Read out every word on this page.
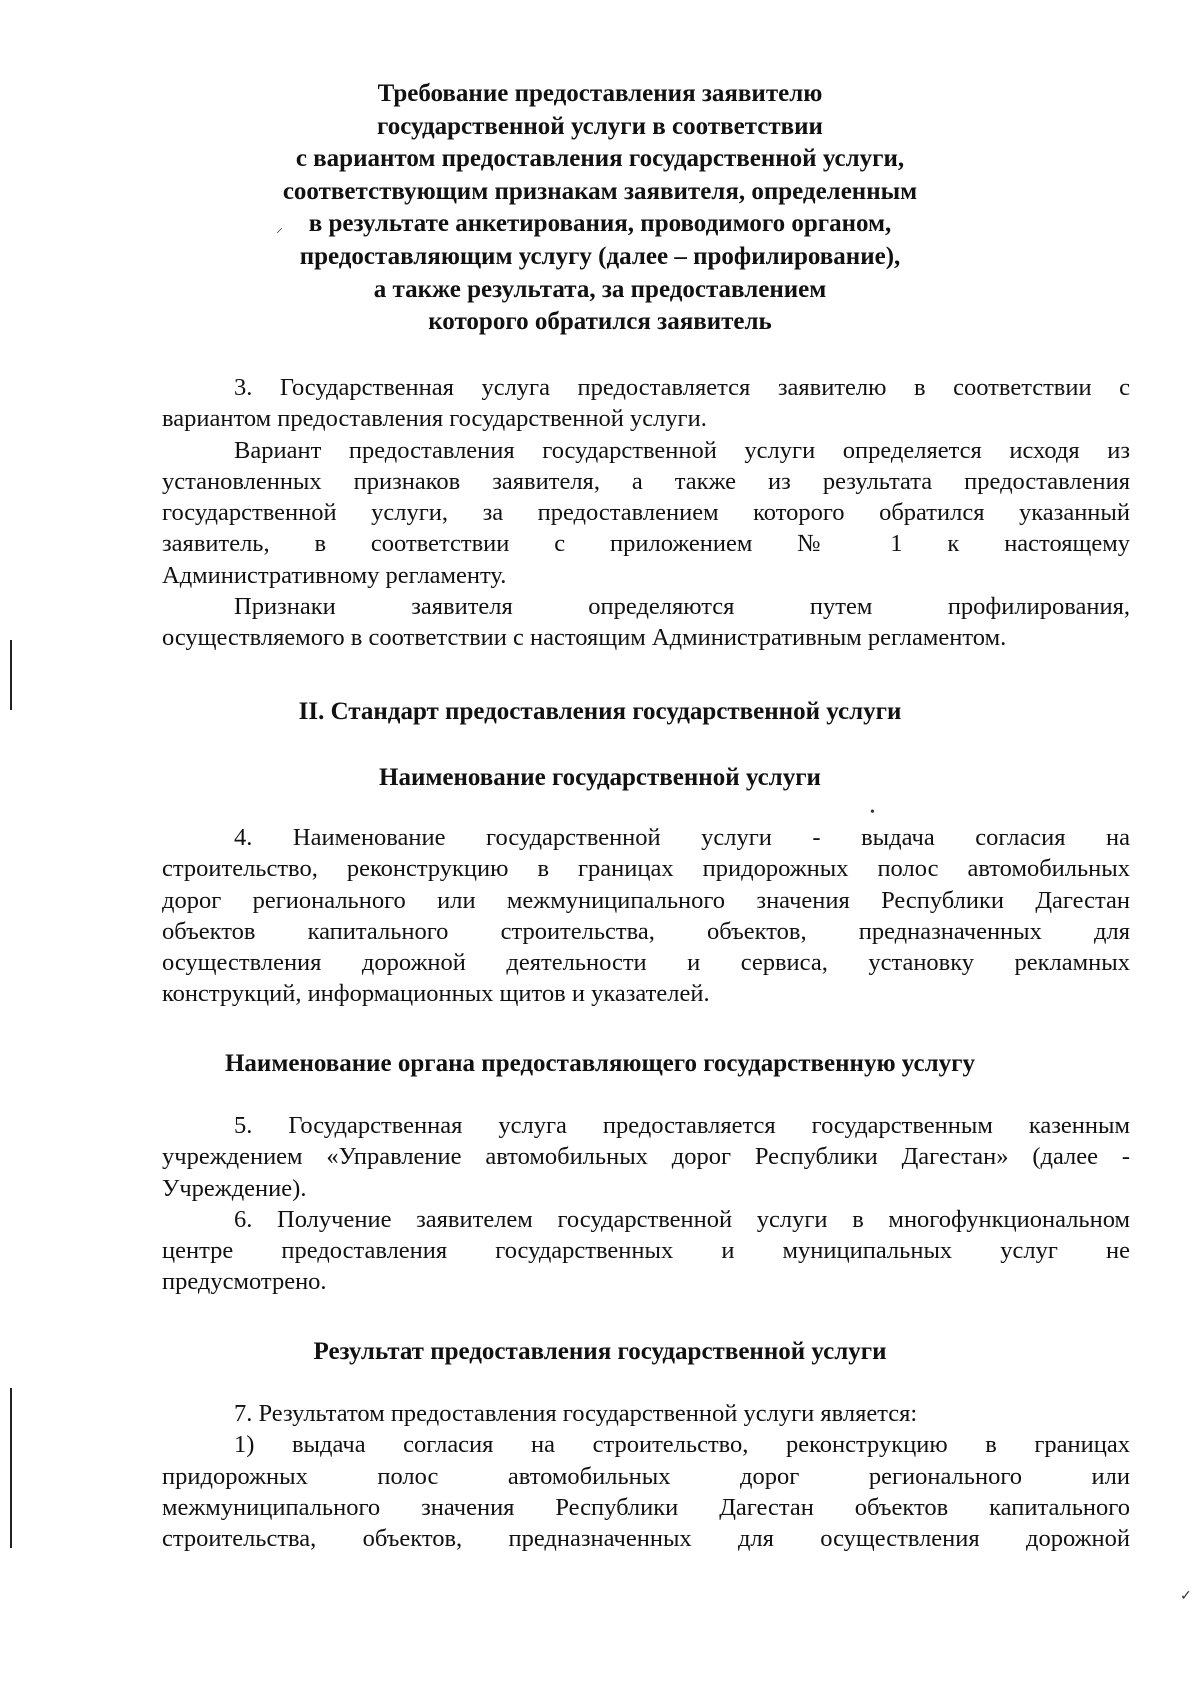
Требование предоставления заявителю
государственной услуги в соответствии
с вариантом предоставления государственной услуги,
соответствующим признакам заявителя, определенным
в результате анкетирования, проводимого органом,
предоставляющим услугу (далее – профилирование),
а также результата, за предоставлением
которого обратился заявитель
3. Государственная услуга предоставляется заявителю в соответствии с
вариантом предоставления государственной услуги.
Вариант предоставления государственной услуги определяется исходя из
установленных признаков заявителя, а также из результата предоставления
государственной услуги, за предоставлением которого обратился указанный
заявитель, в соответствии с приложением № 1 к настоящему
Административному регламенту.
Признаки заявителя определяются путем профилирования,
осуществляемого в соответствии с настоящим Административным регламентом.
II. Стандарт предоставления государственной услуги
Наименование государственной услуги
4. Наименование государственной услуги - выдача согласия на
строительство, реконструкцию в границах придорожных полос автомобильных
дорог регионального или межмуниципального значения Республики Дагестан
объектов капитального строительства, объектов, предназначенных для
осуществления дорожной деятельности и сервиса, установку рекламных
конструкций, информационных щитов и указателей.
Наименование органа предоставляющего государственную услугу
5. Государственная услуга предоставляется государственным казенным
учреждением «Управление автомобильных дорог Республики Дагестан» (далее -
Учреждение).
6. Получение заявителем государственной услуги в многофункциональном
центре предоставления государственных и муниципальных услуг не
предусмотрено.
Результат предоставления государственной услуги
7. Результатом предоставления государственной услуги является:
1) выдача согласия на строительство, реконструкцию в границах
придорожных полос автомобильных дорог регионального или
межмуниципального значения Республики Дагестан объектов капитального
строительства, объектов, предназначенных для осуществления дорожной
⸝
•
✓
